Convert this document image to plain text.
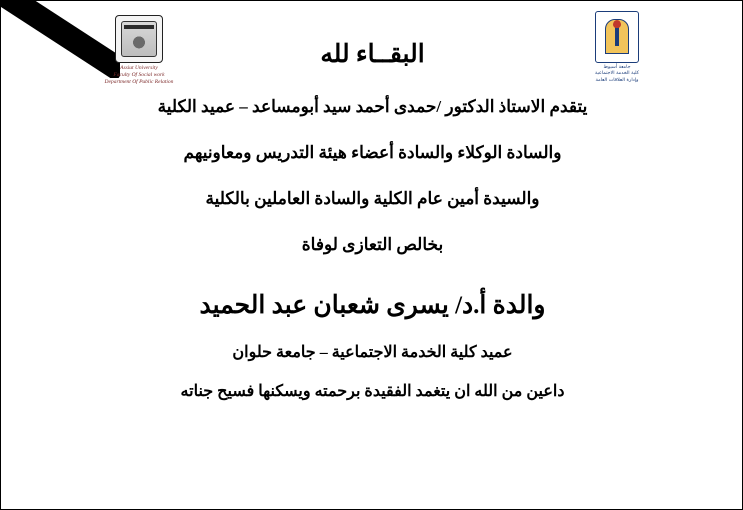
Assiut University
Faculty Of Social work
Department Of Public Relation
جامعة أسيوط
كلية الخدمة الاجتماعية
وإدارة العلاقات العامة
البقــاء لله

يتقدم الاستاذ الدكتور /حمدى أحمد سيد أبومساعد – عميد الكلية

والسادة الوكلاء والسادة أعضاء هيئة التدريس ومعاونيهم

والسيدة أمين عام الكلية والسادة العاملين بالكلية

بخالص التعازى لوفاة

والدة أ.د/ يسرى شعبان عبد الحميد

عميد كلية الخدمة الاجتماعية – جامعة حلوان

داعين من الله ان يتغمد الفقيدة برحمته ويسكنها فسيح جناته
